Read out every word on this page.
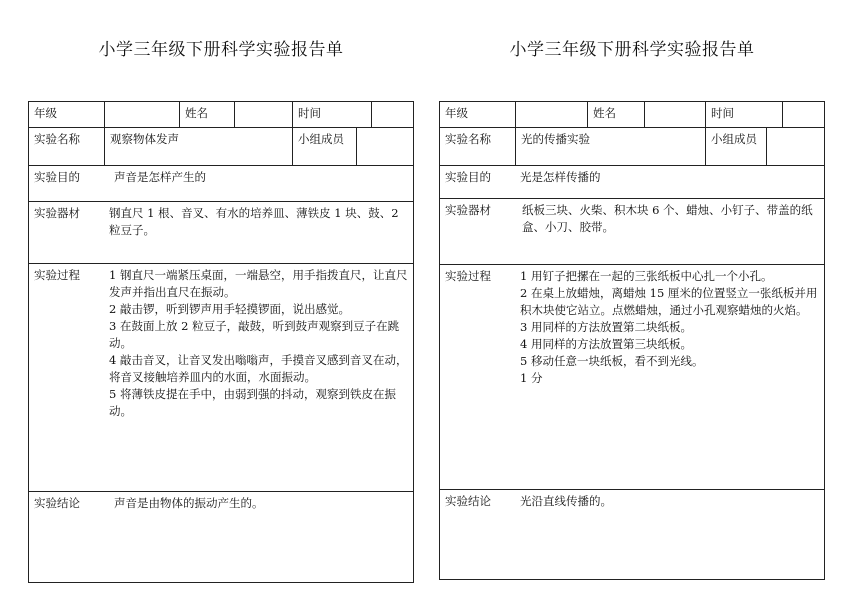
小学三年级下册科学实验报告单
年级	姓名	时间
实验名称	观察物体发声	小组成员
实验目的	声音是怎样产生的
实验器材	钢直尺 1 根、音叉、有水的培养皿、薄铁皮 1 块、鼓、2 粒豆子。
实验过程	1 钢直尺一端紧压桌面，一端悬空，用手指拨直尺，让直尺发声并指出直尺在振动。
2 敲击锣，听到锣声用手轻摸锣面，说出感觉。
3 在鼓面上放 2 粒豆子，敲鼓，听到鼓声观察到豆子在跳动。
4 敲击音叉，让音叉发出嗡嗡声，手摸音叉感到音叉在动，将音叉接触培养皿内的水面，水面振动。
5 将薄铁皮提在手中，由弱到强的抖动，观察到铁皮在振动。
实验结论	声音是由物体的振动产生的。
小学三年级下册科学实验报告单
年级	姓名	时间
实验名称	光的传播实验	小组成员
实验目的	光是怎样传播的
实验器材	纸板三块、火柴、积木块 6 个、蜡烛、小钉子、带盖的纸盒、小刀、胶带。
实验过程	1 用钉子把摞在一起的三张纸板中心扎一个小孔。
2 在桌上放蜡烛，离蜡烛 15 厘米的位置竖立一张纸板并用积木块使它站立。点燃蜡烛，通过小孔观察蜡烛的火焰。
3 用同样的方法放置第二块纸板。
4 用同样的方法放置第三块纸板。
5 移动任意一块纸板，看不到光线。
1 分
实验结论	光沿直线传播的。
